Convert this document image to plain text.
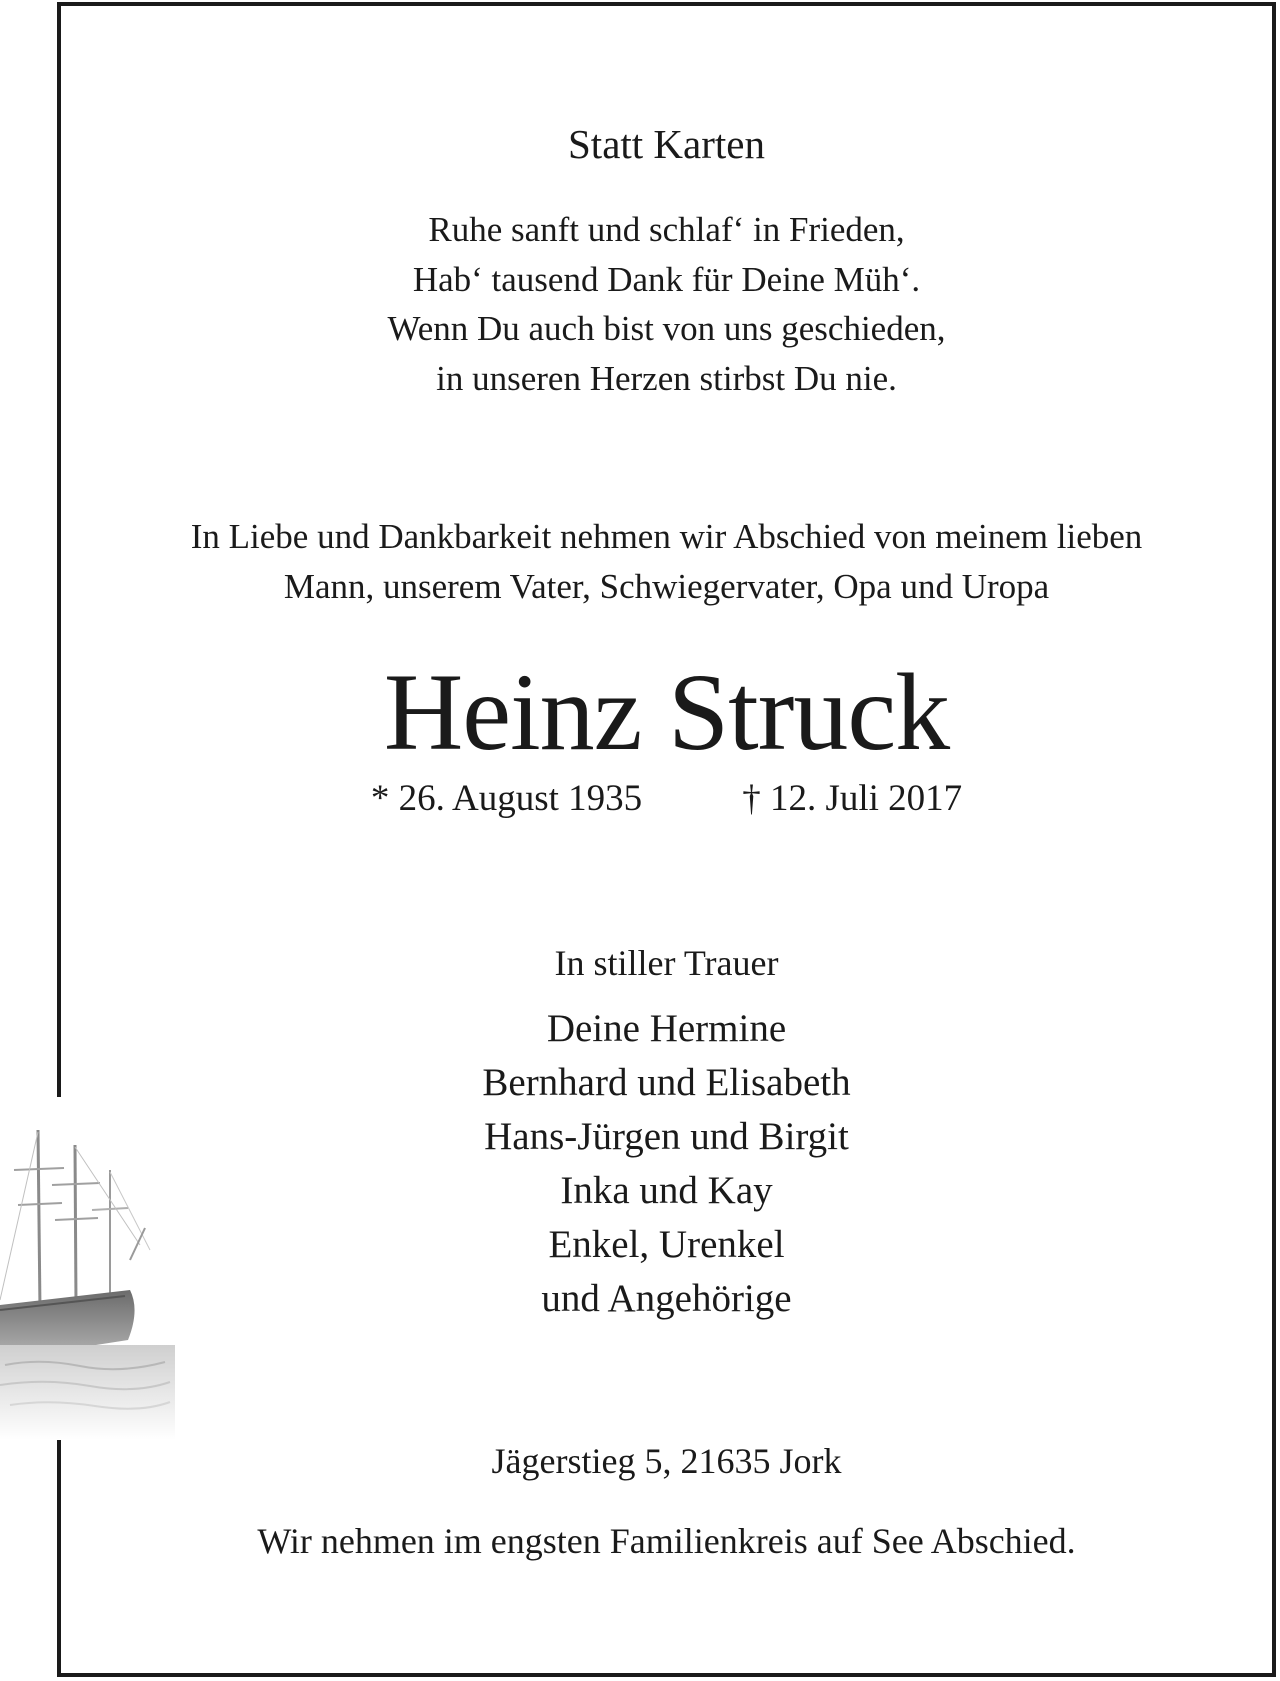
Statt Karten
Ruhe sanft und schlaf‘ in Frieden,
Hab‘ tausend Dank für Deine Müh‘.
Wenn Du auch bist von uns geschieden,
in unseren Herzen stirbst Du nie.
In Liebe und Dankbarkeit nehmen wir Abschied von meinem lieben
Mann, unserem Vater, Schwiegervater, Opa und Uropa
Heinz Struck
* 26. August 1935	† 12. Juli 2017
In stiller Trauer
Deine Hermine
Bernhard und Elisabeth
Hans-Jürgen und Birgit
Inka und Kay
Enkel, Urenkel
und Angehörige
Jägerstieg 5, 21635 Jork
Wir nehmen im engsten Familienkreis auf See Abschied.
